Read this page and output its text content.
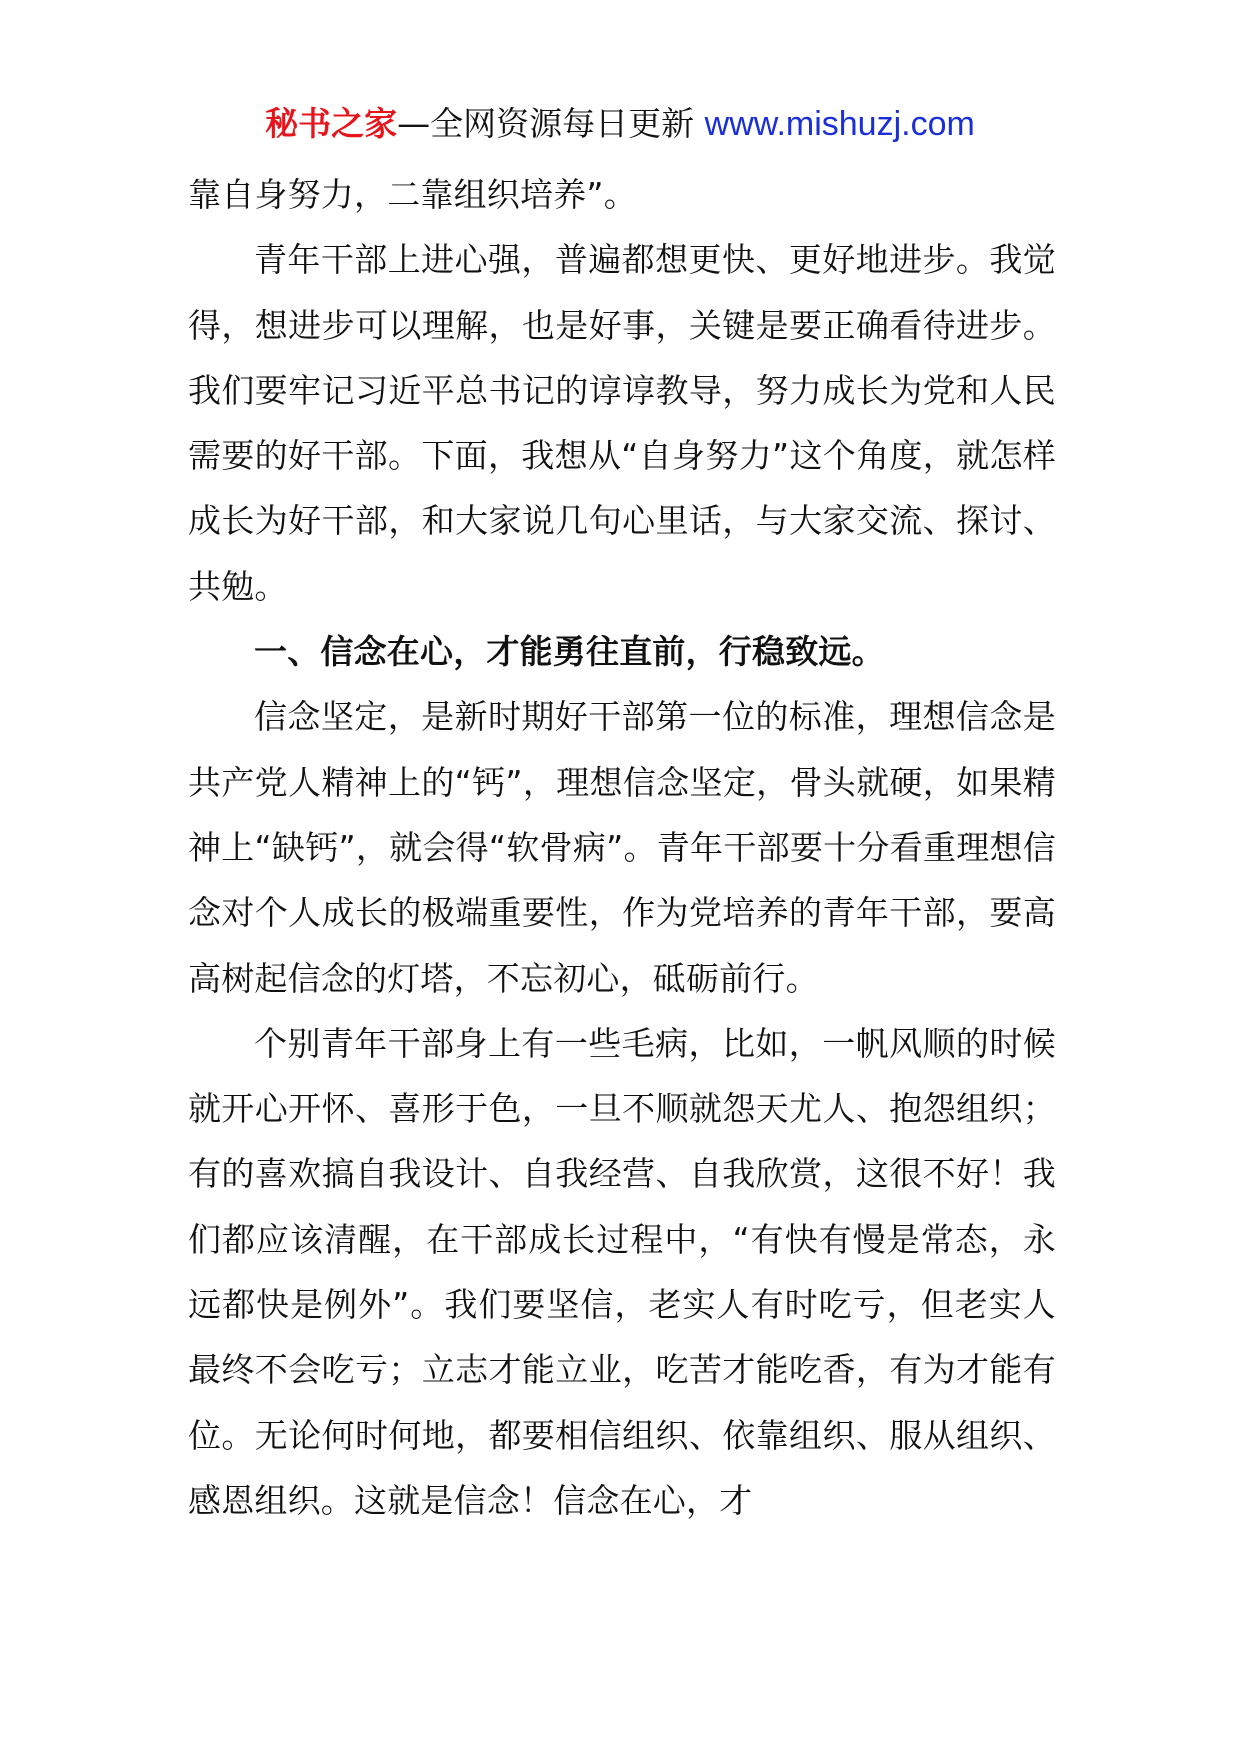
秘书之家—全网资源每日更新 www.mishuzj.com

靠自身努力，二靠组织培养”。

青年干部上进心强，普遍都想更快、更好地进步。我觉得，想进步可以理解，也是好事，关键是要正确看待进步。我们要牢记习近平总书记的谆谆教导，努力成长为党和人民需要的好干部。下面，我想从“自身努力”这个角度，就怎样成长为好干部，和大家说几句心里话，与大家交流、探讨、共勉。

一、信念在心，才能勇往直前，行稳致远。

信念坚定，是新时期好干部第一位的标准，理想信念是共产党人精神上的“钙”，理想信念坚定，骨头就硬，如果精神上“缺钙”，就会得“软骨病”。青年干部要十分看重理想信念对个人成长的极端重要性，作为党培养的青年干部，要高高树起信念的灯塔，不忘初心，砥砺前行。

个别青年干部身上有一些毛病，比如，一帆风顺的时候就开心开怀、喜形于色，一旦不顺就怨天尤人、抱怨组织；有的喜欢搞自我设计、自我经营、自我欣赏，这很不好！我们都应该清醒，在干部成长过程中，“有快有慢是常态，永远都快是例外”。我们要坚信，老实人有时吃亏，但老实人最终不会吃亏；立志才能立业，吃苦才能吃香，有为才能有位。无论何时何地，都要相信组织、依靠组织、服从组织、感恩组织。这就是信念！信念在心，才
